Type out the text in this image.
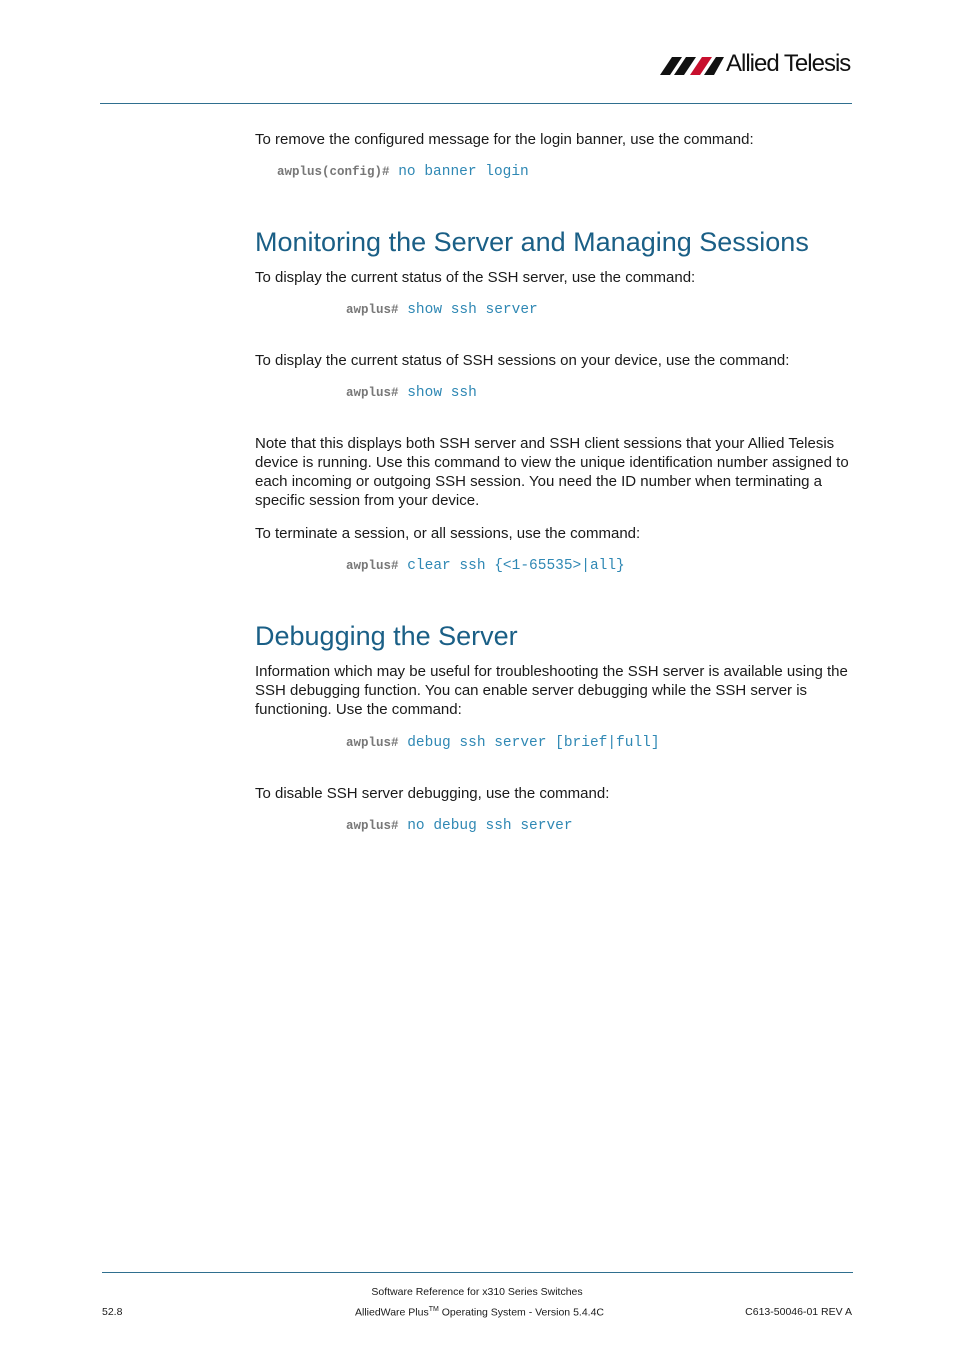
Allied Telesis
To remove the configured message for the login banner, use the command:
awplus(config)# no banner login
Monitoring the Server and Managing Sessions
To display the current status of the SSH server, use the command:
awplus# show ssh server
To display the current status of SSH sessions on your device, use the command:
awplus# show ssh
Note that this displays both SSH server and SSH client sessions that your Allied Telesis device is running. Use this command to view the unique identification number assigned to each incoming or outgoing SSH session. You need the ID number when terminating a specific session from your device.
To terminate a session, or all sessions, use the command:
awplus# clear ssh {<1-65535>|all}
Debugging the Server
Information which may be useful for troubleshooting the SSH server is available using the SSH debugging function. You can enable server debugging while the SSH server is functioning. Use the command:
awplus# debug ssh server [brief|full]
To disable SSH server debugging, use the command:
awplus# no debug ssh server
Software Reference for x310 Series Switches
52.8	AlliedWare Plus™ Operating System - Version 5.4.4C	C613-50046-01 REV A
